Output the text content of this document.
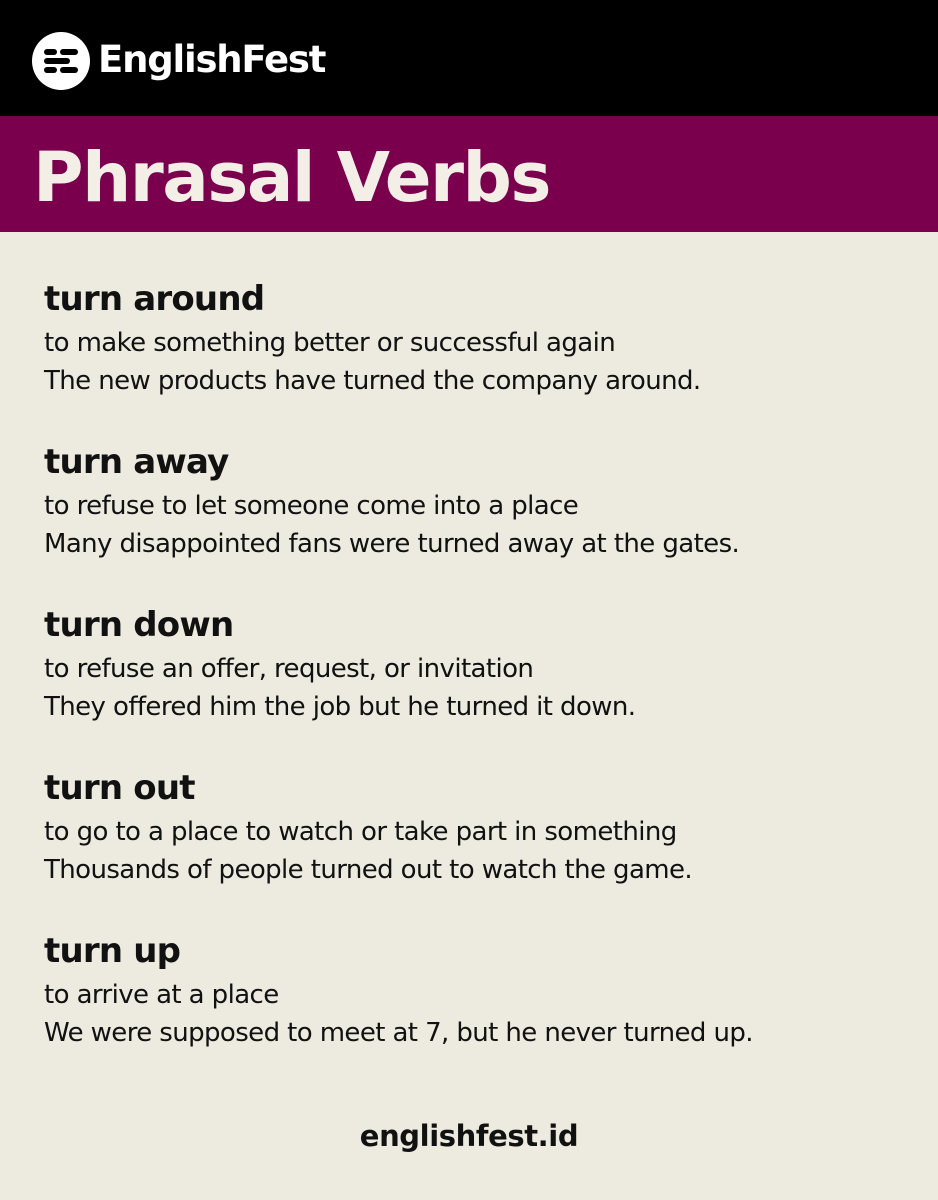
EnglishFest
Phrasal Verbs
turn around
to make something better or successful again
The new products have turned the company around.
turn away
to refuse to let someone come into a place
Many disappointed fans were turned away at the gates.
turn down
to refuse an offer, request, or invitation
They offered him the job but he turned it down.
turn out
to go to a place to watch or take part in something
Thousands of people turned out to watch the game.
turn up
to arrive at a place
We were supposed to meet at 7, but he never turned up.
englishfest.id
